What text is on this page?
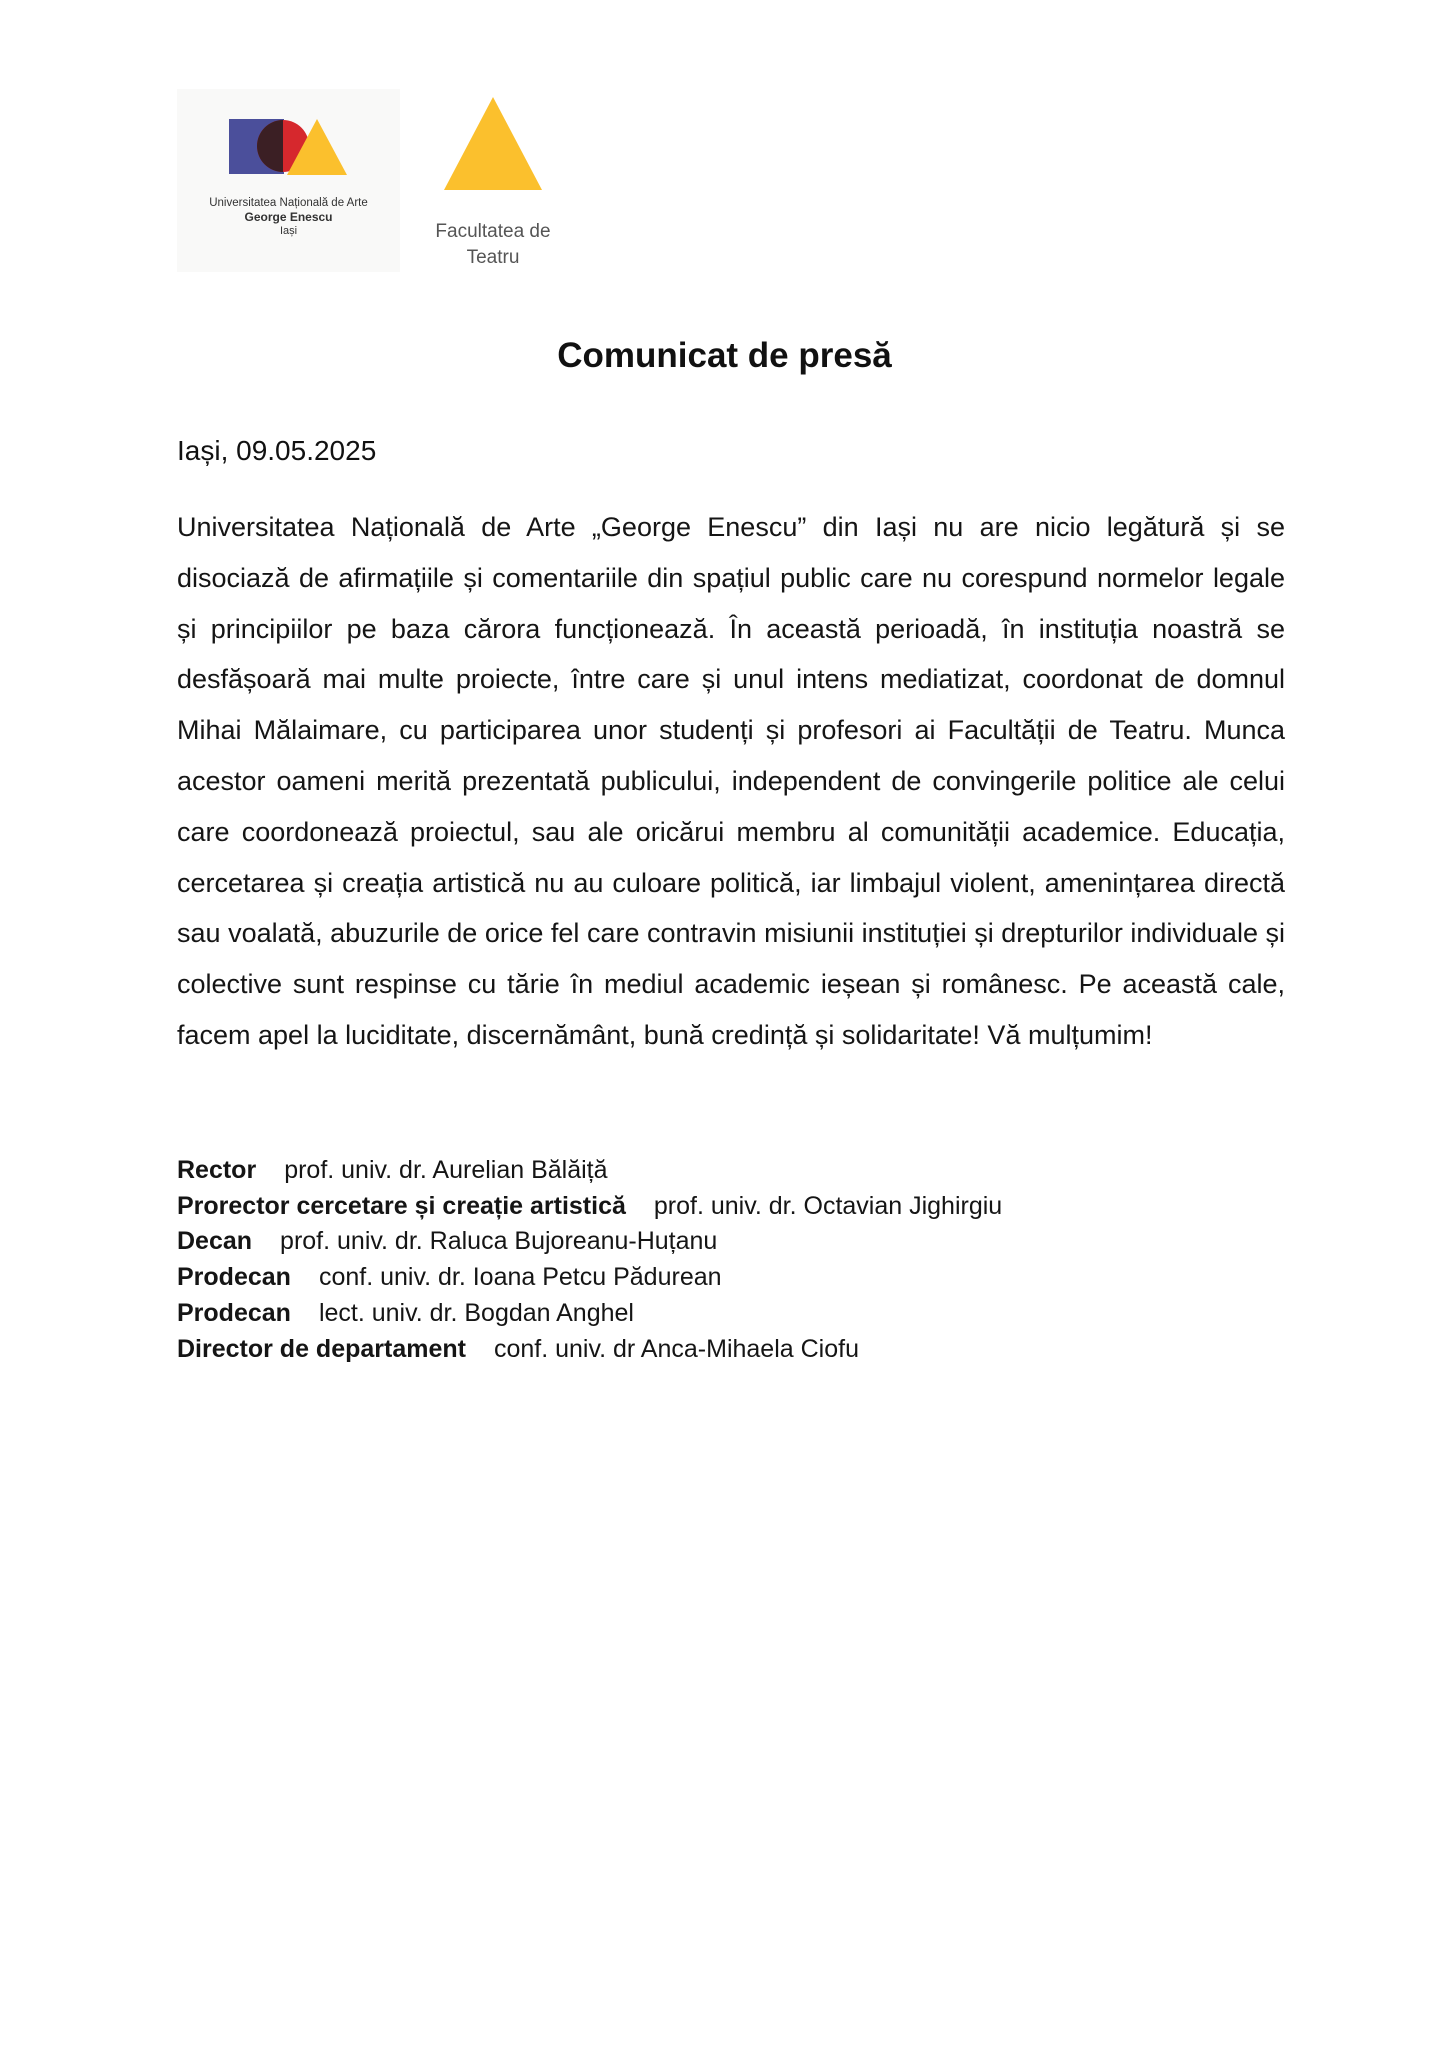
Universitatea Națională de Arte
George Enescu
Iași	Facultatea de
Teatru
Comunicat de presă
Iași, 09.05.2025
Universitatea Națională de Arte „George Enescu” din Iași nu are nicio legătură și se disociază de afirmațiile și comentariile din spațiul public care nu corespund normelor legale și principiilor pe baza cărora funcționează. În această perioadă, în instituția noastră se desfășoară mai multe proiecte, între care și unul intens mediatizat, coordonat de domnul Mihai Mălaimare, cu participarea unor studenți și profesori ai Facultății de Teatru. Munca acestor oameni merită prezentată publicului, independent de convingerile politice ale celui care coordonează proiectul, sau ale oricărui membru al comunității academice. Educația, cercetarea și creația artistică nu au culoare politică, iar limbajul violent, amenințarea directă sau voalată, abuzurile de orice fel care contravin misiunii instituției și drepturilor individuale și colective sunt respinse cu tărie în mediul academic ieșean și românesc. Pe această cale, facem apel la luciditate, discernământ, bună credință și solidaritate! Vă mulțumim!
Rector prof. univ. dr. Aurelian Bălăiță
Prorector cercetare și creație artistică prof. univ. dr. Octavian Jighirgiu
Decan prof. univ. dr. Raluca Bujoreanu-Huțanu
Prodecan conf. univ. dr. Ioana Petcu Pădurean
Prodecan lect. univ. dr. Bogdan Anghel
Director de departament conf. univ. dr Anca-Mihaela Ciofu
